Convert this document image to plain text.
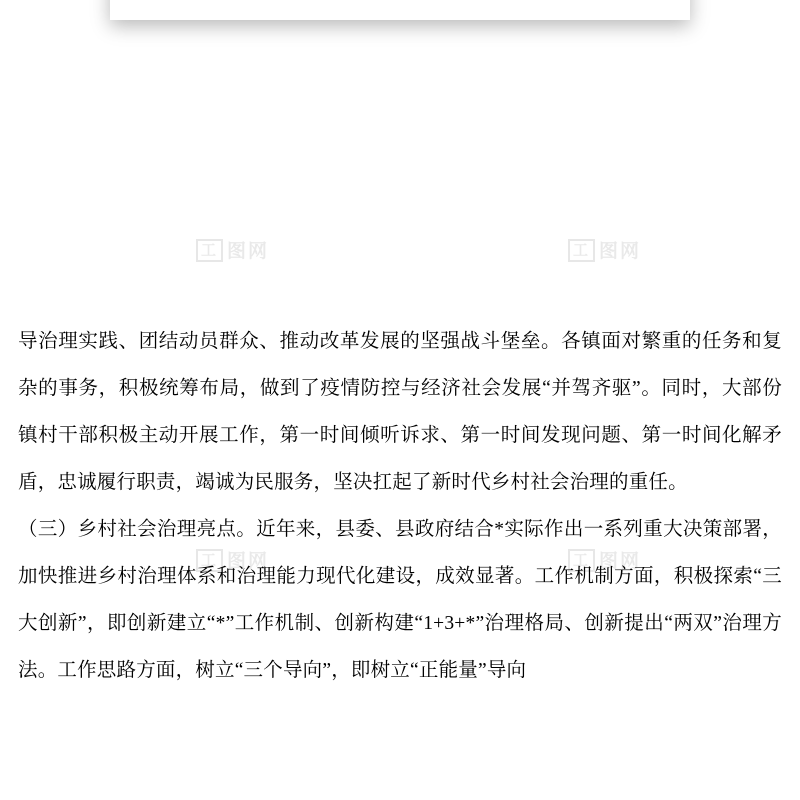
工 图网	工 图网
工 图网	工 图网

导治理实践、团结动员群众、推动改革发展的坚强战斗堡垒。各镇面对繁重的任务和复杂的事务，积极统筹布局，做到了疫情防控与经济社会发展“并驾齐驱”。同时，大部份镇村干部积极主动开展工作，第一时间倾听诉求、第一时间发现问题、第一时间化解矛盾，忠诚履行职责，竭诚为民服务，坚决扛起了新时代乡村社会治理的重任。

（三）乡村社会治理亮点。近年来，县委、县政府结合*实际作出一系列重大决策部署，加快推进乡村治理体系和治理能力现代化建设，成效显著。工作机制方面，积极探索“三大创新”，即创新建立“*”工作机制、创新构建“1+3+*”治理格局、创新提出“两双”治理方法。工作思路方面，树立“三个导向”，即树立“正能量”导向
